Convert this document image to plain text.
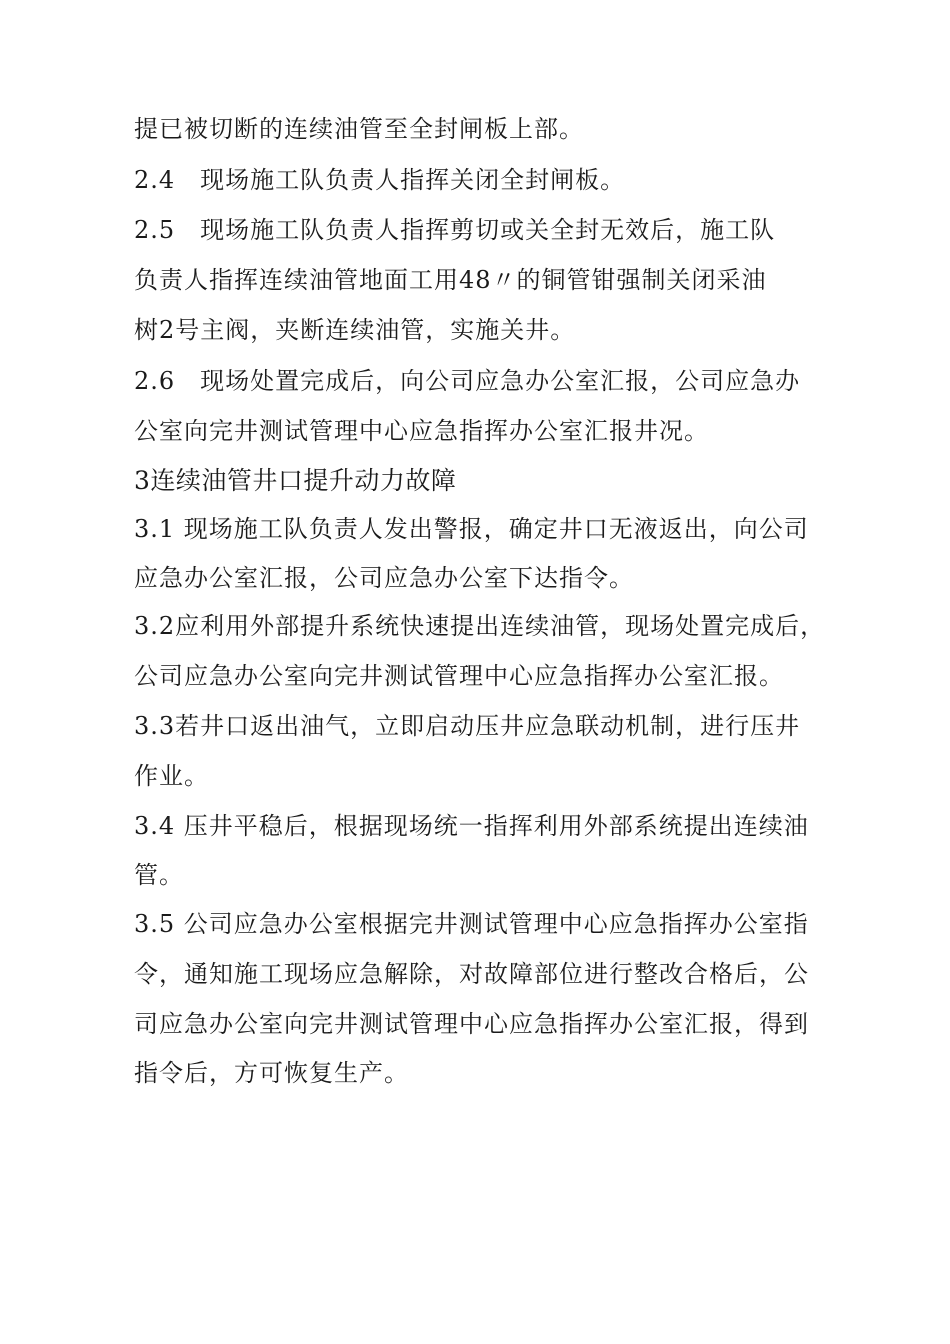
提已被切断的连续油管至全封闸板上部。
2.4　现场施工队负责人指挥关闭全封闸板。
2.5　现场施工队负责人指挥剪切或关全封无效后，施工队
负责人指挥连续油管地面工用48〃的铜管钳强制关闭采油
树2号主阀，夹断连续油管，实施关井。
2.6　现场处置完成后，向公司应急办公室汇报，公司应急办
公室向完井测试管理中心应急指挥办公室汇报井况。
3连续油管井口提升动力故障
3.1 现场施工队负责人发出警报，确定井口无液返出，向公司
应急办公室汇报，公司应急办公室下达指令。
3.2应利用外部提升系统快速提出连续油管，现场处置完成后，
公司应急办公室向完井测试管理中心应急指挥办公室汇报。
3.3若井口返出油气，立即启动压井应急联动机制，进行压井
作业。
3.4 压井平稳后，根据现场统一指挥利用外部系统提出连续油
管。
3.5 公司应急办公室根据完井测试管理中心应急指挥办公室指
令，通知施工现场应急解除，对故障部位进行整改合格后，公
司应急办公室向完井测试管理中心应急指挥办公室汇报，得到
指令后，方可恢复生产。
